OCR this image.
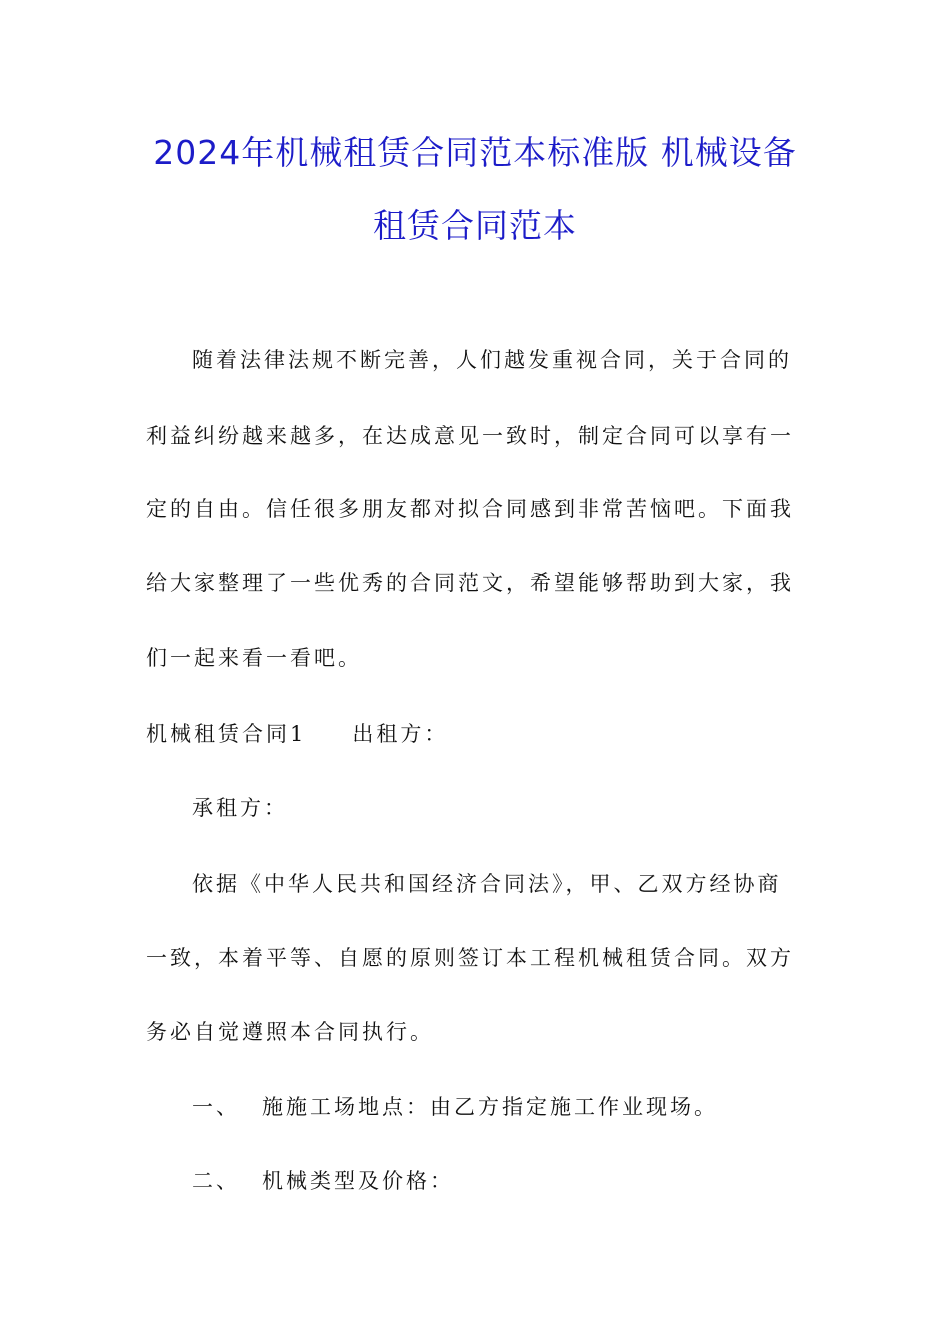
2024年机械租赁合同范本标准版 机械设备
租赁合同范本
随着法律法规不断完善，人们越发重视合同，关于合同的
利益纠纷越来越多，在达成意见一致时，制定合同可以享有一
定的自由。信任很多朋友都对拟合同感到非常苦恼吧。下面我
给大家整理了一些优秀的合同范文，希望能够帮助到大家，我
们一起来看一看吧。
机械租赁合同1 出租方：
承租方：
依据《中华人民共和国经济合同法》，甲、乙双方经协商
一致，本着平等、自愿的原则签订本工程机械租赁合同。双方
务必自觉遵照本合同执行。
一、 施施工场地点：由乙方指定施工作业现场。
二、 机械类型及价格：
